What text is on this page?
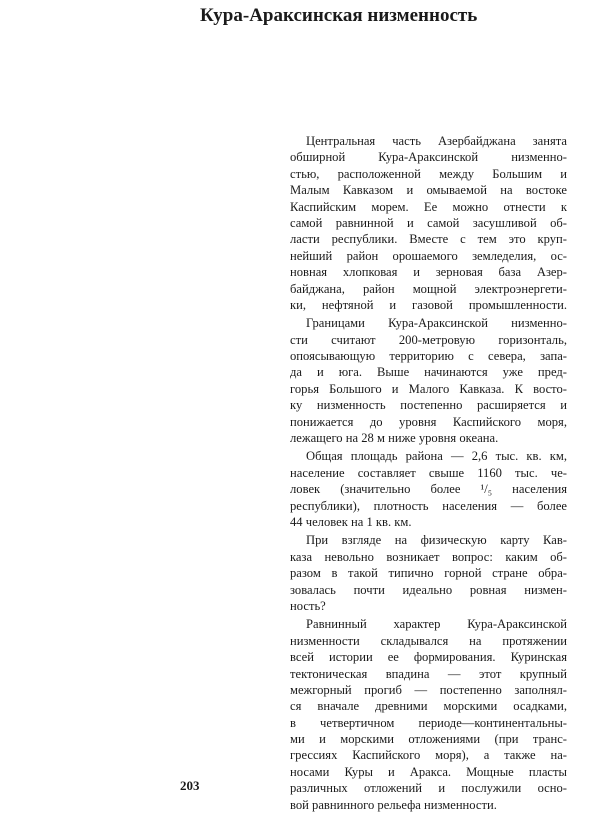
Кура-Араксинская низменность

Центральная часть Азербайджана занята
обширной Кура-Араксинской низменно-
стью, расположенной между Большим и
Малым Кавказом и омываемой на востоке
Каспийским морем. Ее можно отнести к
самой равнинной и самой засушливой об-
ласти республики. Вместе с тем это круп-
нейший район орошаемого земледелия, ос-
новная хлопковая и зерновая база Азер-
байджана, район мощной электроэнергети-
ки, нефтяной и газовой промышленности.

Границами Кура-Араксинской низменно-
сти считают 200-метровую горизонталь,
опоясывающую территорию с севера, запа-
да и юга. Выше начинаются уже пред-
горья Большого и Малого Кавказа. К восто-
ку низменность постепенно расширяется и
понижается до уровня Каспийского моря,
лежащего на 28 м ниже уровня океана.

Общая площадь района — 2,6 тыс. кв. км,
население составляет свыше 1160 тыс. че-
ловек (значительно более ¹/₅ населения
республики), плотность населения — более
44 человек на 1 кв. км.

При взгляде на физическую карту Кав-
каза невольно возникает вопрос: каким об-
разом в такой типично горной стране обра-
зовалась почти идеально ровная низмен-
ность?

Равнинный характер Кура-Араксинской
низменности складывался на протяжении
всей истории ее формирования. Куринская
тектоническая впадина — этот крупный
межгорный прогиб — постепенно заполнял-
ся вначале древними морскими осадками,
в четвертичном периоде—континентальны-
ми и морскими отложениями (при транс-
грессиях Каспийского моря), а также на-
носами Куры и Аракса. Мощные пласты
различных отложений и послужили осно-
вой равнинного рельефа низменности.

203
